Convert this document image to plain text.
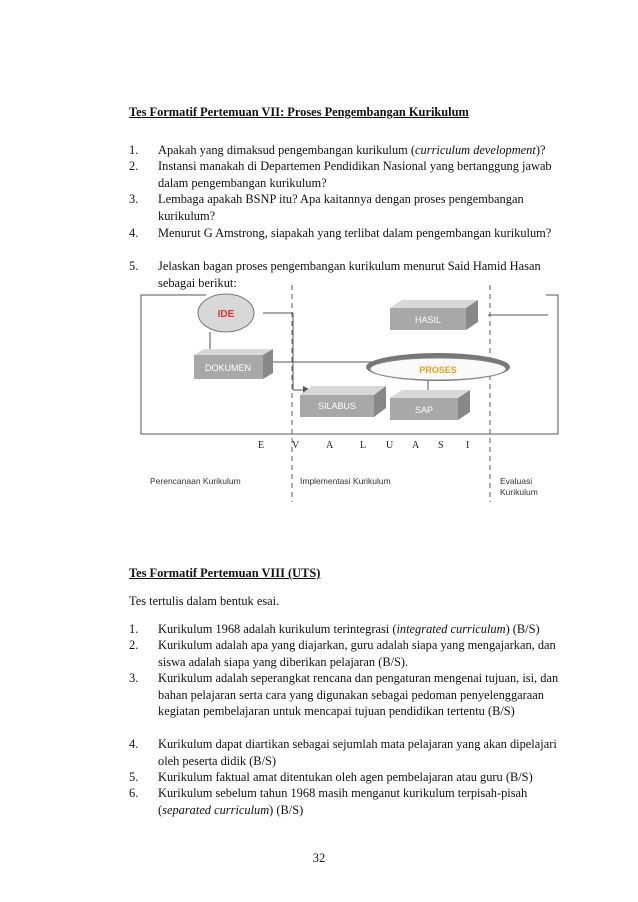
Tes Formatif Pertemuan VII: Proses Pengembangan Kurikulum
1. Apakah yang dimaksud pengembangan kurikulum (curriculum development)?
2. Instansi manakah di Departemen Pendidikan Nasional yang bertanggung jawab dalam pengembangan kurikulum?
3. Lembaga apakah BSNP itu? Apa kaitannya dengan proses pengembangan kurikulum?
4. Menurut G Amstrong, siapakah yang terlibat dalam pengembangan kurikulum?
5. Jelaskan bagan proses pengembangan kurikulum menurut Said Hamid Hasan sebagai berikut:
DOKUMEN
HASIL
SILABUS	SAP
IDE
PROSES
E	V	A	L U A S I
Perencanaan Kurikulum	Implementasi Kurikulum	Evaluasi
Kurikulum
Tes Formatif Pertemuan VIII (UTS)
Tes tertulis dalam bentuk esai.
1. Kurikulum 1968 adalah kurikulum terintegrasi (integrated curriculum) (B/S)
2. Kurikulum adalah apa yang diajarkan, guru adalah siapa yang mengajarkan, dan siswa adalah siapa yang diberikan pelajaran (B/S).
3. Kurikulum adalah seperangkat rencana dan pengaturan mengenai tujuan, isi, dan bahan pelajaran serta cara yang digunakan sebagai pedoman penyelenggaraan kegiatan pembelajaran untuk mencapai tujuan pendidikan tertentu (B/S)
4. Kurikulum dapat diartikan sebagai sejumlah mata pelajaran yang akan dipelajari oleh peserta didik (B/S)
5. Kurikulum faktual amat ditentukan oleh agen pembelajaran atau guru (B/S)
6. Kurikulum sebelum tahun 1968 masih menganut kurikulum terpisah-pisah (separated curriculum) (B/S)
32
